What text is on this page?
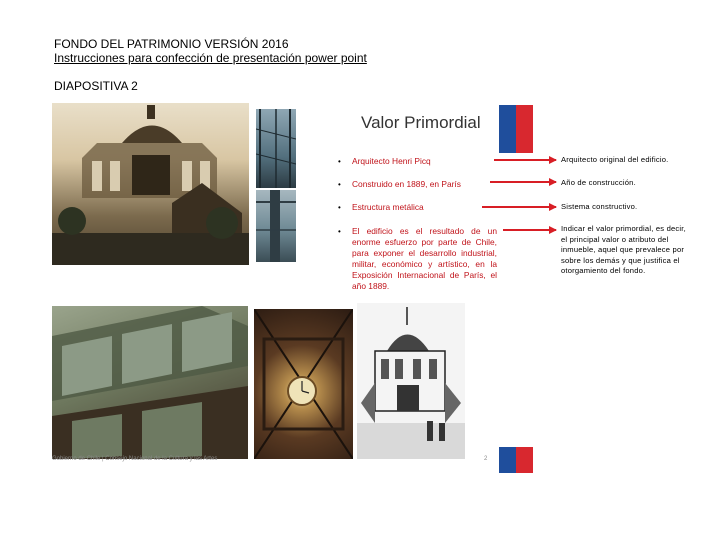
FONDO DEL PATRIMONIO VERSIÓN 2016
Instrucciones para confección de presentación power point
DIAPOSITIVA 2
Valor Primordial
• Arquitecto Henri Picq
• Construido en 1889, en París
• Estructura metálica
• El edificio es el resultado de un enorme esfuerzo por parte de Chile, para exponer el desarrollo industrial, militar, económico y artístico, en la Exposición Internacional de París, el año 1889.
Gobierno de Chile | Consejo Nacional de la Cultura y las Artes	2
Arquitecto original del edificio.
Año de construcción.
Sistema constructivo.
Indicar el valor primordial, es decir, el principal valor o atributo del inmueble, aquel que prevalece por sobre los demás y que justifica el otorgamiento del fondo.
